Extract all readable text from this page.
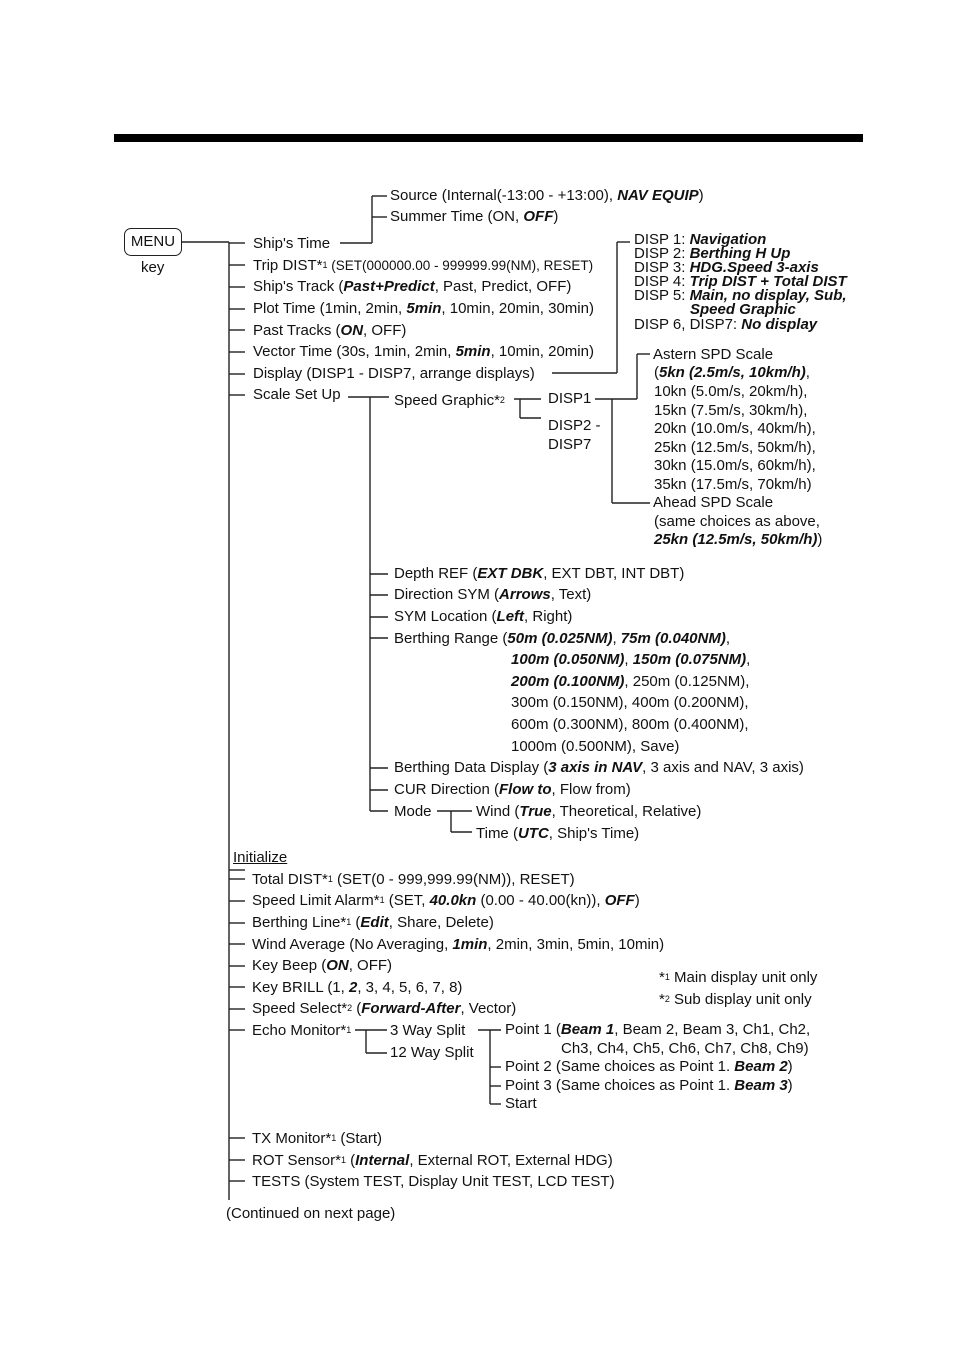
MENU
key
Source (Internal(-13:00 - +13:00), NAV EQUIP)
Summer Time (ON, OFF)
Ship's Time
Trip DIST*$^1$ (SET(000000.00 - 999999.99(NM), RESET)
Ship's Track (Past+Predict, Past, Predict, OFF)
Plot Time (1min, 2min, 5min, 10min, 20min, 30min)
Past Tracks (ON, OFF)
Vector Time (30s, 1min, 2min, 5min, 10min, 20min)
Display (DISP1 - DISP7, arrange displays)
Scale Set Up
DISP 1: Navigation
DISP 2: Berthing H Up
DISP 3: HDG.Speed 3-axis
DISP 4: Trip DIST + Total DIST
DISP 5: Main, no display, Sub,
Speed Graphic
DISP 6, DISP7: No display
Speed Graphic*$^2$	DISP1
DISP2 -
DISP7
Astern SPD Scale
(5kn (2.5m/s, 10km/h),
10kn (5.0m/s, 20km/h),
15kn (7.5m/s, 30km/h),
20kn (10.0m/s, 40km/h),
25kn (12.5m/s, 50km/h),
30kn (15.0m/s, 60km/h),
35kn (17.5m/s, 70km/h)
Ahead SPD Scale
(same choices as above,
25kn (12.5m/s, 50km/h))
Depth REF (EXT DBK, EXT DBT, INT DBT)
Direction SYM (Arrows, Text)
SYM Location (Left, Right)
Berthing Range (50m (0.025NM), 75m (0.040NM),
100m (0.050NM), 150m (0.075NM),
200m (0.100NM), 250m (0.125NM),
300m (0.150NM), 400m (0.200NM),
600m (0.300NM), 800m (0.400NM),
1000m (0.500NM), Save)
Berthing Data Display (3 axis in NAV, 3 axis and NAV, 3 axis)
CUR Direction (Flow to, Flow from)
Mode	Wind (True, Theoretical, Relative)
Time (UTC, Ship's Time)
Initialize
Total DIST*$^1$ (SET(0 - 999,999.99(NM)), RESET)
Speed Limit Alarm*$^1$ (SET, 40.0kn (0.00 - 40.00(kn)), OFF)
Berthing Line*$^1$ (Edit, Share, Delete)
Wind Average (No Averaging, 1min, 2min, 3min, 5min, 10min)
Key Beep (ON, OFF)
Key BRILL (1, 2, 3, 4, 5, 6, 7, 8)
Speed Select*$^2$ (Forward-After, Vector)
Echo Monitor*$^1$	3 Way Split
12 Way Split
Point 1 (Beam 1, Beam 2, Beam 3, Ch1, Ch2,
Ch3, Ch4, Ch5, Ch6, Ch7, Ch8, Ch9)
Point 2 (Same choices as Point 1. Beam 2)
Point 3 (Same choices as Point 1. Beam 3)
Start
TX Monitor*$^1$ (Start)
ROT Sensor*$^1$ (Internal, External ROT, External HDG)
TESTS (System TEST, Display Unit TEST, LCD TEST)
*$^1$ Main display unit only
*$^2$ Sub display unit only
(Continued on next page)
